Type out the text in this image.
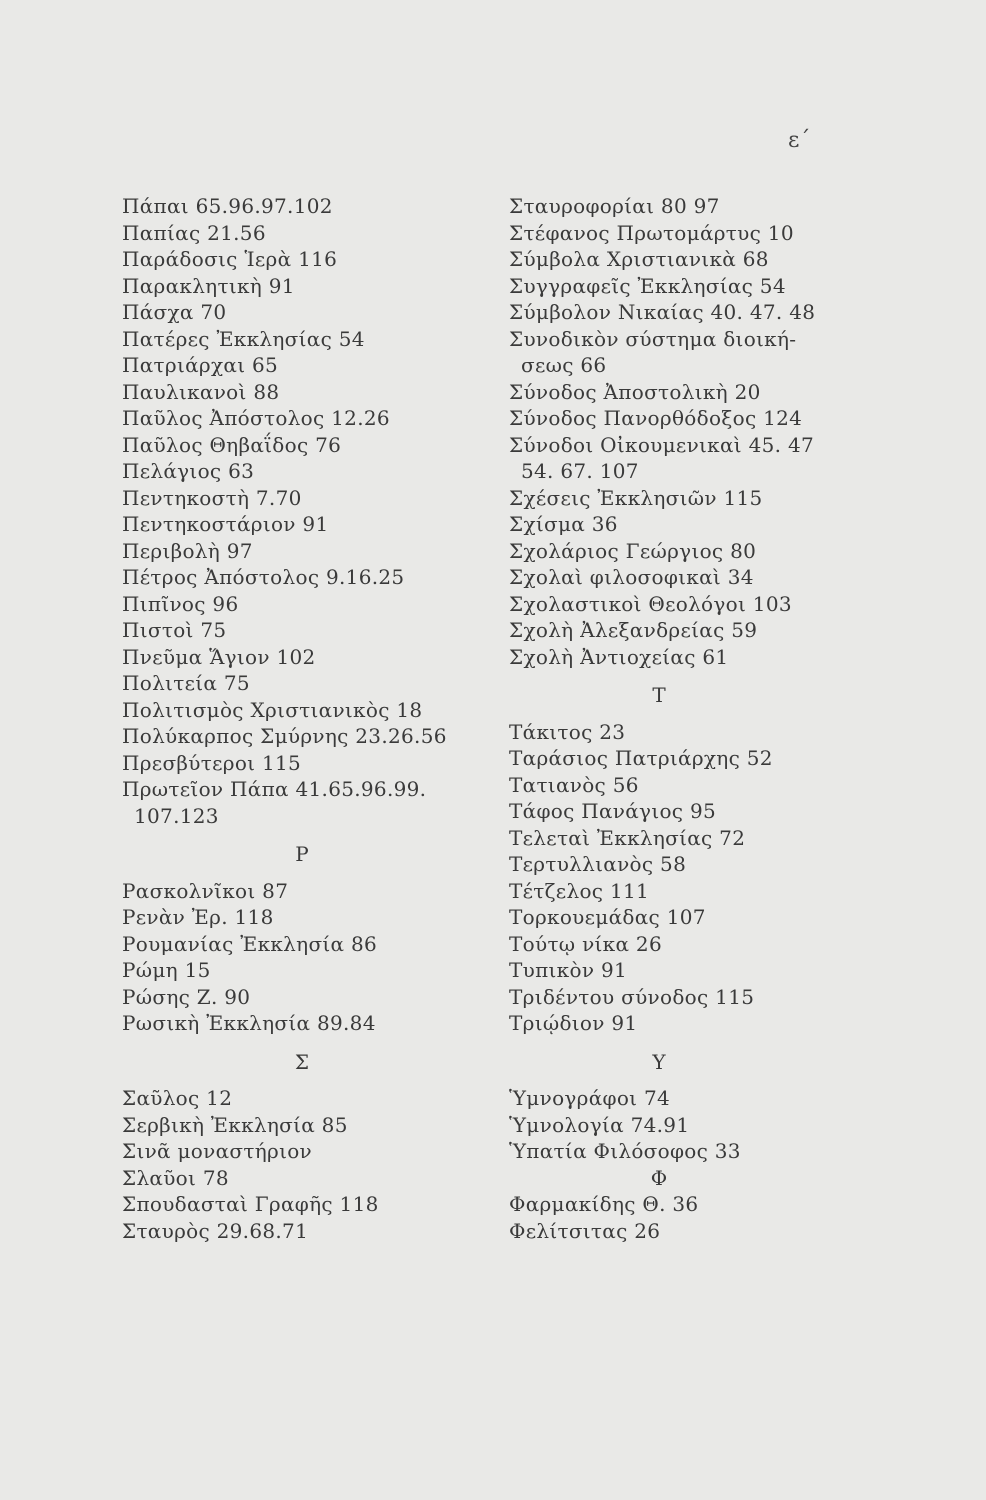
ε΄
Πάπαι 65.96.97.102
Παπίας 21.56
Παράδοσις Ἱερὰ 116
Παρακλητικὴ 91
Πάσχα 70
Πατέρες Ἐκκλησίας 54
Πατριάρχαι 65
Παυλικανοὶ 88
Παῦλος Ἀπόστολος 12.26
Παῦλος Θηβαΐδος 76
Πελάγιος 63
Πεντηκοστὴ 7.70
Πεντηκοστάριον 91
Περιβολὴ 97
Πέτρος Ἀπόστολος 9.16.25
Πιπῖνος 96
Πιστοὶ 75
Πνεῦμα Ἅγιον 102
Πολιτεία 75
Πολιτισμὸς Χριστιανικὸς 18
Πολύκαρπος Σμύρνης 23.26.56
Πρεσβύτεροι 115
Πρωτεῖον Πάπα 41.65.96.99.
107.123
Ρ
Ρασκολνῖκοι 87
Ρενὰν Ἐρ. 118
Ρουμανίας Ἐκκλησία 86
Ρώμη 15
Ρώσης Ζ. 90
Ρωσικὴ Ἐκκλησία 89.84
Σ
Σαῦλος 12
Σερβικὴ Ἐκκλησία 85
Σινᾶ μοναστήριον
Σλαῦοι 78
Σπουδασταὶ Γραφῆς 118
Σταυρὸς 29.68.71
Σταυροφορίαι 80 97
Στέφανος Πρωτομάρτυς 10
Σύμβολα Χριστιανικὰ 68
Συγγραφεῖς Ἐκκλησίας 54
Σύμβολον Νικαίας 40. 47. 48
Συνοδικὸν σύστημα διοική-
σεως 66
Σύνοδος Ἀποστολικὴ 20
Σύνοδος Πανορθόδοξος 124
Σύνοδοι Οἰκουμενικαὶ 45. 47
54. 67. 107
Σχέσεις Ἐκκλησιῶν 115
Σχίσμα 36
Σχολάριος Γεώργιος 80
Σχολαὶ φιλοσοφικαὶ 34
Σχολαστικοὶ Θεολόγοι 103
Σχολὴ Ἀλεξανδρείας 59
Σχολὴ Ἀντιοχείας 61
Τ
Τάκιτος 23
Ταράσιος Πατριάρχης 52
Τατιανὸς 56
Τάφος Πανάγιος 95
Τελεταὶ Ἐκκλησίας 72
Τερτυλλιανὸς 58
Τέτζελος 111
Τορκουεμάδας 107
Τούτῳ νίκα 26
Τυπικὸν 91
Τριδέντου σύνοδος 115
Τριῴδιον 91
Υ
Ὑμνογράφοι 74
Ὑμνολογία 74.91
Ὑπατία Φιλόσοφος 33
Φ
Φαρμακίδης Θ. 36
Φελίτσιτας 26
